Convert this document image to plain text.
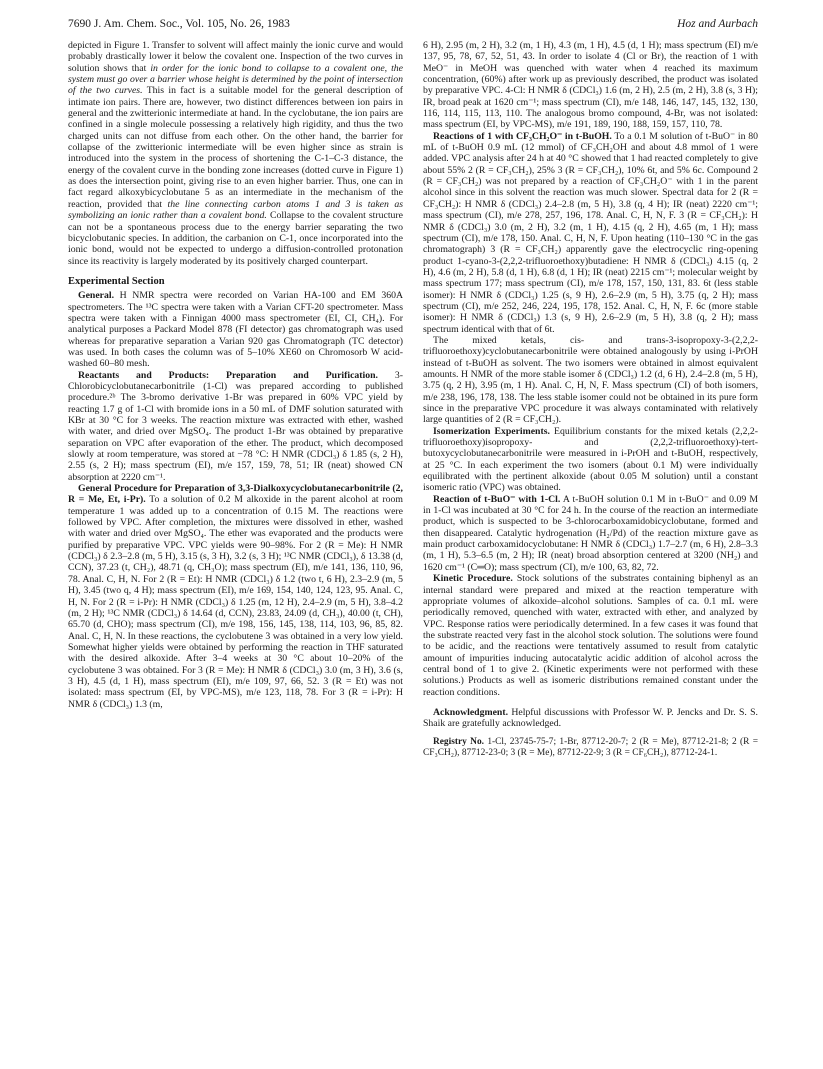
7690 J. Am. Chem. Soc., Vol. 105, No. 26, 1983	Hoz and Aurbach

depicted in Figure 1. Transfer to solvent will affect mainly the ionic curve and would probably drastically lower it below the covalent one. Inspection of the two curves in solution shows that in order for the ionic bond to collapse to a covalent one, the system must go over a barrier whose height is determined by the point of intersection of the two curves. This in fact is a suitable model for the general description of intimate ion pairs. There are, however, two distinct differences between ion pairs in general and the zwitterionic intermediate at hand. In the cyclobutane, the ion pairs are confined in a single molecule possessing a relatively high rigidity, and thus the two charged units can not diffuse from each other. On the other hand, the barrier for collapse of the zwitterionic intermediate will be even higher since as strain is introduced into the system in the process of shortening the C-1–C-3 distance, the energy of the covalent curve in the bonding zone increases (dotted curve in Figure 1) as does the intersection point, giving rise to an even higher barrier. Thus, one can in fact regard alkoxybicyclobutane 5 as an intermediate in the mechanism of the reaction, provided that the line connecting carbon atoms 1 and 3 is taken as symbolizing an ionic rather than a covalent bond. Collapse to the covalent structure can not be a spontaneous process due to the energy barrier separating the two bicyclobutanic species. In addition, the carbanion on C-1, once incorporated into the ionic bond, would not be expected to undergo a diffusion-controlled protonation since its reactivity is largely moderated by its positively charged counterpart.

Experimental Section

General. H NMR spectra were recorded on Varian HA-100 and EM 360A spectrometers. The ¹³C spectra were taken with a Varian CFT-20 spectrometer. Mass spectra were taken with a Finnigan 4000 mass spectrometer (EI, CI, CH₄). For analytical purposes a Packard Model 878 (FI detector) gas chromatograph was used whereas for preparative separation a Varian 920 gas Chromatograph (TC detector) was used. In both cases the column was of 5–10% XE60 on Chromosorb W acid-washed 60–80 mesh.

Reactants and Products: Preparation and Purification. 3-Chlorobicyclobutanecarbonitrile (1-Cl) was prepared according to published procedure.²ᵇ The 3-bromo derivative 1-Br was prepared in 60% VPC yield by reacting 1.7 g of 1-Cl with bromide ions in a 50 mL of DMF solution saturated with KBr at 30 °C for 3 weeks. The reaction mixture was extracted with ether, washed with water, and dried over MgSO₄. The product 1-Br was obtained by preparative separation on VPC after evaporation of the ether. The product, which decomposed slowly at room temperature, was stored at −78 °C: H NMR (CDCl₃) δ 1.85 (s, 2 H), 2.55 (s, 2 H); mass spectrum (EI), m/e 157, 159, 78, 51; IR (neat) showed CN absorption at 2220 cm⁻¹.

General Procedure for Preparation of 3,3-Dialkoxycyclobutanecarbonitrile (2, R = Me, Et, i-Pr). To a solution of 0.2 M alkoxide in the parent alcohol at room temperature 1 was added up to a concentration of 0.15 M. The reactions were followed by VPC. After completion, the mixtures were dissolved in ether, washed with water and dried over MgSO₄. The ether was evaporated and the products were purified by preparative VPC. VPC yields were 90–98%. For 2 (R = Me): H NMR (CDCl₃) δ 2.3–2.8 (m, 5 H), 3.15 (s, 3 H), 3.2 (s, 3 H); ¹³C NMR (CDCl₃), δ 13.38 (d, CCN), 37.23 (t, CH₂), 48.71 (q, CH₃O); mass spectrum (EI), m/e 141, 136, 110, 96, 78. Anal. C, H, N. For 2 (R = Et): H NMR (CDCl₃) δ 1.2 (two t, 6 H), 2.3–2.9 (m, 5 H), 3.45 (two q, 4 H); mass spectrum (EI), m/e 169, 154, 140, 124, 123, 95. Anal. C, H, N. For 2 (R = i-Pr): H NMR (CDCl₃) δ 1.25 (m, 12 H), 2.4–2.9 (m, 5 H), 3.8–4.2 (m, 2 H); ¹³C NMR (CDCl₃) δ 14.64 (d, CCN), 23.83, 24.09 (d, CH₃), 40.00 (t, CH), 65.70 (d, CHO); mass spectrum (CI), m/e 198, 156, 145, 138, 114, 103, 96, 85, 82. Anal. C, H, N. In these reactions, the cyclobutene 3 was obtained in a very low yield. Somewhat higher yields were obtained by performing the reaction in THF saturated with the desired alkoxide. After 3–4 weeks at 30 °C about 10–20% of the cyclobutene 3 was obtained. For 3 (R = Me): H NMR δ (CDCl₃) 3.0 (m, 3 H), 3.6 (s, 3 H), 4.5 (d, 1 H), mass spectrum (EI), m/e 109, 97, 66, 52. 3 (R = Et) was not isolated: mass spectrum (EI, by VPC-MS), m/e 123, 118, 78. For 3 (R = i-Pr): H NMR δ (CDCl₃) 1.3 (m,

6 H), 2.95 (m, 2 H), 3.2 (m, 1 H), 4.3 (m, 1 H), 4.5 (d, 1 H); mass spectrum (EI) m/e 137, 95, 78, 67, 52, 51, 43. In order to isolate 4 (Cl or Br), the reaction of 1 with MeO⁻ in MeOH was quenched with water when 4 reached its maximum concentration, (60%) after work up as previously described, the product was isolated by preparative VPC. 4-Cl: H NMR δ (CDCl₃) 1.6 (m, 2 H), 2.5 (m, 2 H), 3.8 (s, 3 H); IR, broad peak at 1620 cm⁻¹; mass spectrum (CI), m/e 148, 146, 147, 145, 132, 130, 116, 114, 115, 113, 110. The analogous bromo compound, 4-Br, was not isolated: mass spectrum (EI, by VPC-MS), m/e 191, 189, 190, 188, 159, 157, 110, 78.

Reactions of 1 with CF₃CH₂O⁻ in t-BuOH. To a 0.1 M solution of t-BuO⁻ in 80 mL of t-BuOH 0.9 mL (12 mmol) of CF₃CH₂OH and about 4.8 mmol of 1 were added. VPC analysis after 24 h at 40 °C showed that 1 had reacted completely to give about 55% 2 (R = CF₃CH₂), 25% 3 (R = CF₃CH₂), 10% 6t, and 5% 6c. Compound 2 (R = CF₃CH₂) was not prepared by a reaction of CF₃CH₂O⁻ with 1 in the parent alcohol since in this solvent the reaction was much slower. Spectral data for 2 (R = CF₃CH₂): H NMR δ (CDCl₃) 2.4–2.8 (m, 5 H), 3.8 (q, 4 H); IR (neat) 2220 cm⁻¹; mass spectrum (CI), m/e 278, 257, 196, 178. Anal. C, H, N, F. 3 (R = CF₃CH₂): H NMR δ (CDCl₃) 3.0 (m, 2 H), 3.2 (m, 1 H), 4.15 (q, 2 H), 4.65 (m, 1 H); mass spectrum (CI), m/e 178, 150. Anal. C, H, N, F. Upon heating (110–130 °C in the gas chromatograph) 3 (R = CF₃CH₂) apparently gave the electrocyclic ring-opening product 1-cyano-3-(2,2,2-trifluoroethoxy)butadiene: H NMR δ (CDCl₃) 4.15 (q, 2 H), 4.6 (m, 2 H), 5.8 (d, 1 H), 6.8 (d, 1 H); IR (neat) 2215 cm⁻¹; molecular weight by mass spectrum 177; mass spectrum (CI), m/e 178, 157, 150, 131, 83. 6t (less stable isomer): H NMR δ (CDCl₃) 1.25 (s, 9 H), 2.6–2.9 (m, 5 H), 3.75 (q, 2 H); mass spectrum (CI), m/e 252, 246, 224, 195, 178, 152. Anal. C, H, N, F. 6c (more stable isomer): H NMR δ (CDCl₃) 1.3 (s, 9 H), 2.6–2.9 (m, 5 H), 3.8 (q, 2 H); mass spectrum identical with that of 6t.

The mixed ketals, cis- and trans-3-isopropoxy-3-(2,2,2-trifluoroethoxy)cyclobutanecarbonitrile were obtained analogously by using i-PrOH instead of t-BuOH as solvent. The two isomers were obtained in almost equivalent amounts. H NMR of the more stable isomer δ (CDCl₃) 1.2 (d, 6 H), 2.4–2.8 (m, 5 H), 3.75 (q, 2 H), 3.95 (m, 1 H). Anal. C, H, N, F. Mass spectrum (CI) of both isomers, m/e 238, 196, 178, 138. The less stable isomer could not be obtained in its pure form since in the preparative VPC procedure it was always contaminated with relatively large quantities of 2 (R = CF₃CH₂).

Isomerization Experiments. Equilibrium constants for the mixed ketals (2,2,2-trifluoroethoxy)isopropoxy- and (2,2,2-trifluoroethoxy)-tert-butoxycyclobutanecarbonitrile were measured in i-PrOH and t-BuOH, respectively, at 25 °C. In each experiment the two isomers (about 0.1 M) were individually equilibrated with the pertinent alkoxide (about 0.05 M solution) until a constant isomeric ratio (VPC) was obtained.

Reaction of t-BuO⁻ with 1-Cl. A t-BuOH solution 0.1 M in t-BuO⁻ and 0.09 M in 1-Cl was incubated at 30 °C for 24 h. In the course of the reaction an intermediate product, which is suspected to be 3-chlorocarboxamidobicyclobutane, formed and then disappeared. Catalytic hydrogenation (H₂/Pd) of the reaction mixture gave as main product carboxamidocyclobutane: H NMR δ (CDCl₃) 1.7–2.7 (m, 6 H), 2.8–3.3 (m, 1 H), 5.3–6.5 (m, 2 H); IR (neat) broad absorption centered at 3200 (NH₂) and 1620 cm⁻¹ (C═O); mass spectrum (CI), m/e 100, 63, 82, 72.

Kinetic Procedure. Stock solutions of the substrates containing biphenyl as an internal standard were prepared and mixed at the reaction temperature with appropriate volumes of alkoxide–alcohol solutions. Samples of ca. 0.1 mL were periodically removed, quenched with water, extracted with ether, and analyzed by VPC. Response ratios were periodically determined. In a few cases it was found that the substrate reacted very fast in the alcohol stock solution. The solutions were found to be acidic, and the reactions were tentatively assumed to result from catalytic amount of impurities inducing autocatalytic acidic addition of alcohol across the central bond of 1 to give 2. (Kinetic experiments were not performed with these solutions.) Products as well as isomeric distributions remained constant under the reaction conditions.

Acknowledgment. Helpful discussions with Professor W. P. Jencks and Dr. S. S. Shaik are gratefully acknowledged.

Registry No. 1-Cl, 23745-75-7; 1-Br, 87712-20-7; 2 (R = Me), 87712-21-8; 2 (R = CF₃CH₂), 87712-23-0; 3 (R = Me), 87712-22-9; 3 (R = CF₆CH₂), 87712-24-1.
